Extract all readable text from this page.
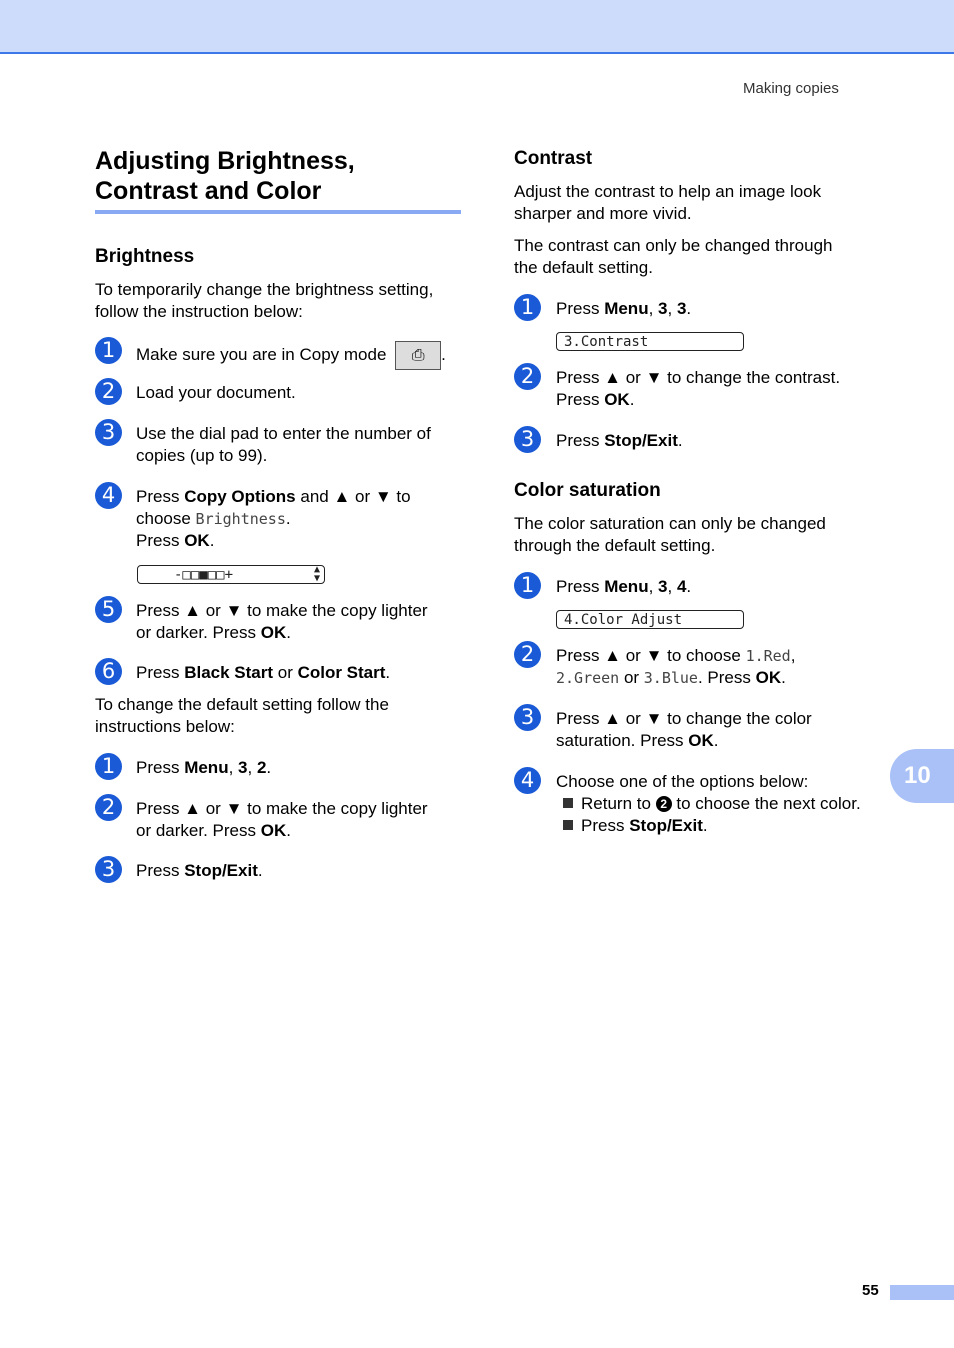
Making copies
Adjusting Brightness,
Contrast and Color
Brightness
To temporarily change the brightness setting,
follow the instruction below:
1	Make sure you are in Copy mode ⎙ .
2	Load your document.
3	Use the dial pad to enter the number of
copies (up to 99).
4	Press Copy Options and ▲ or ▼ to
choose Brightness.
Press OK.
-□□■□□+	▲
▼
5	Press ▲ or ▼ to make the copy lighter
or darker. Press OK.
6	Press Black Start or Color Start.
To change the default setting follow the
instructions below:
1	Press Menu, 3, 2.
2	Press ▲ or ▼ to make the copy lighter
or darker. Press OK.
3	Press Stop/Exit.
Contrast
Adjust the contrast to help an image look
sharper and more vivid.
The contrast can only be changed through
the default setting.
1	Press Menu, 3, 3.
3.Contrast
2	Press ▲ or ▼ to change the contrast.
Press OK.
3	Press Stop/Exit.
Color saturation
The color saturation can only be changed
through the default setting.
1	Press Menu, 3, 4.
4.Color Adjust
2	Press ▲ or ▼ to choose 1.Red,
2.Green or 3.Blue. Press OK.
3	Press ▲ or ▼ to change the color
saturation. Press OK.
4	Choose one of the options below:
Return to 2 to choose the next color.
Press Stop/Exit.
10
55
